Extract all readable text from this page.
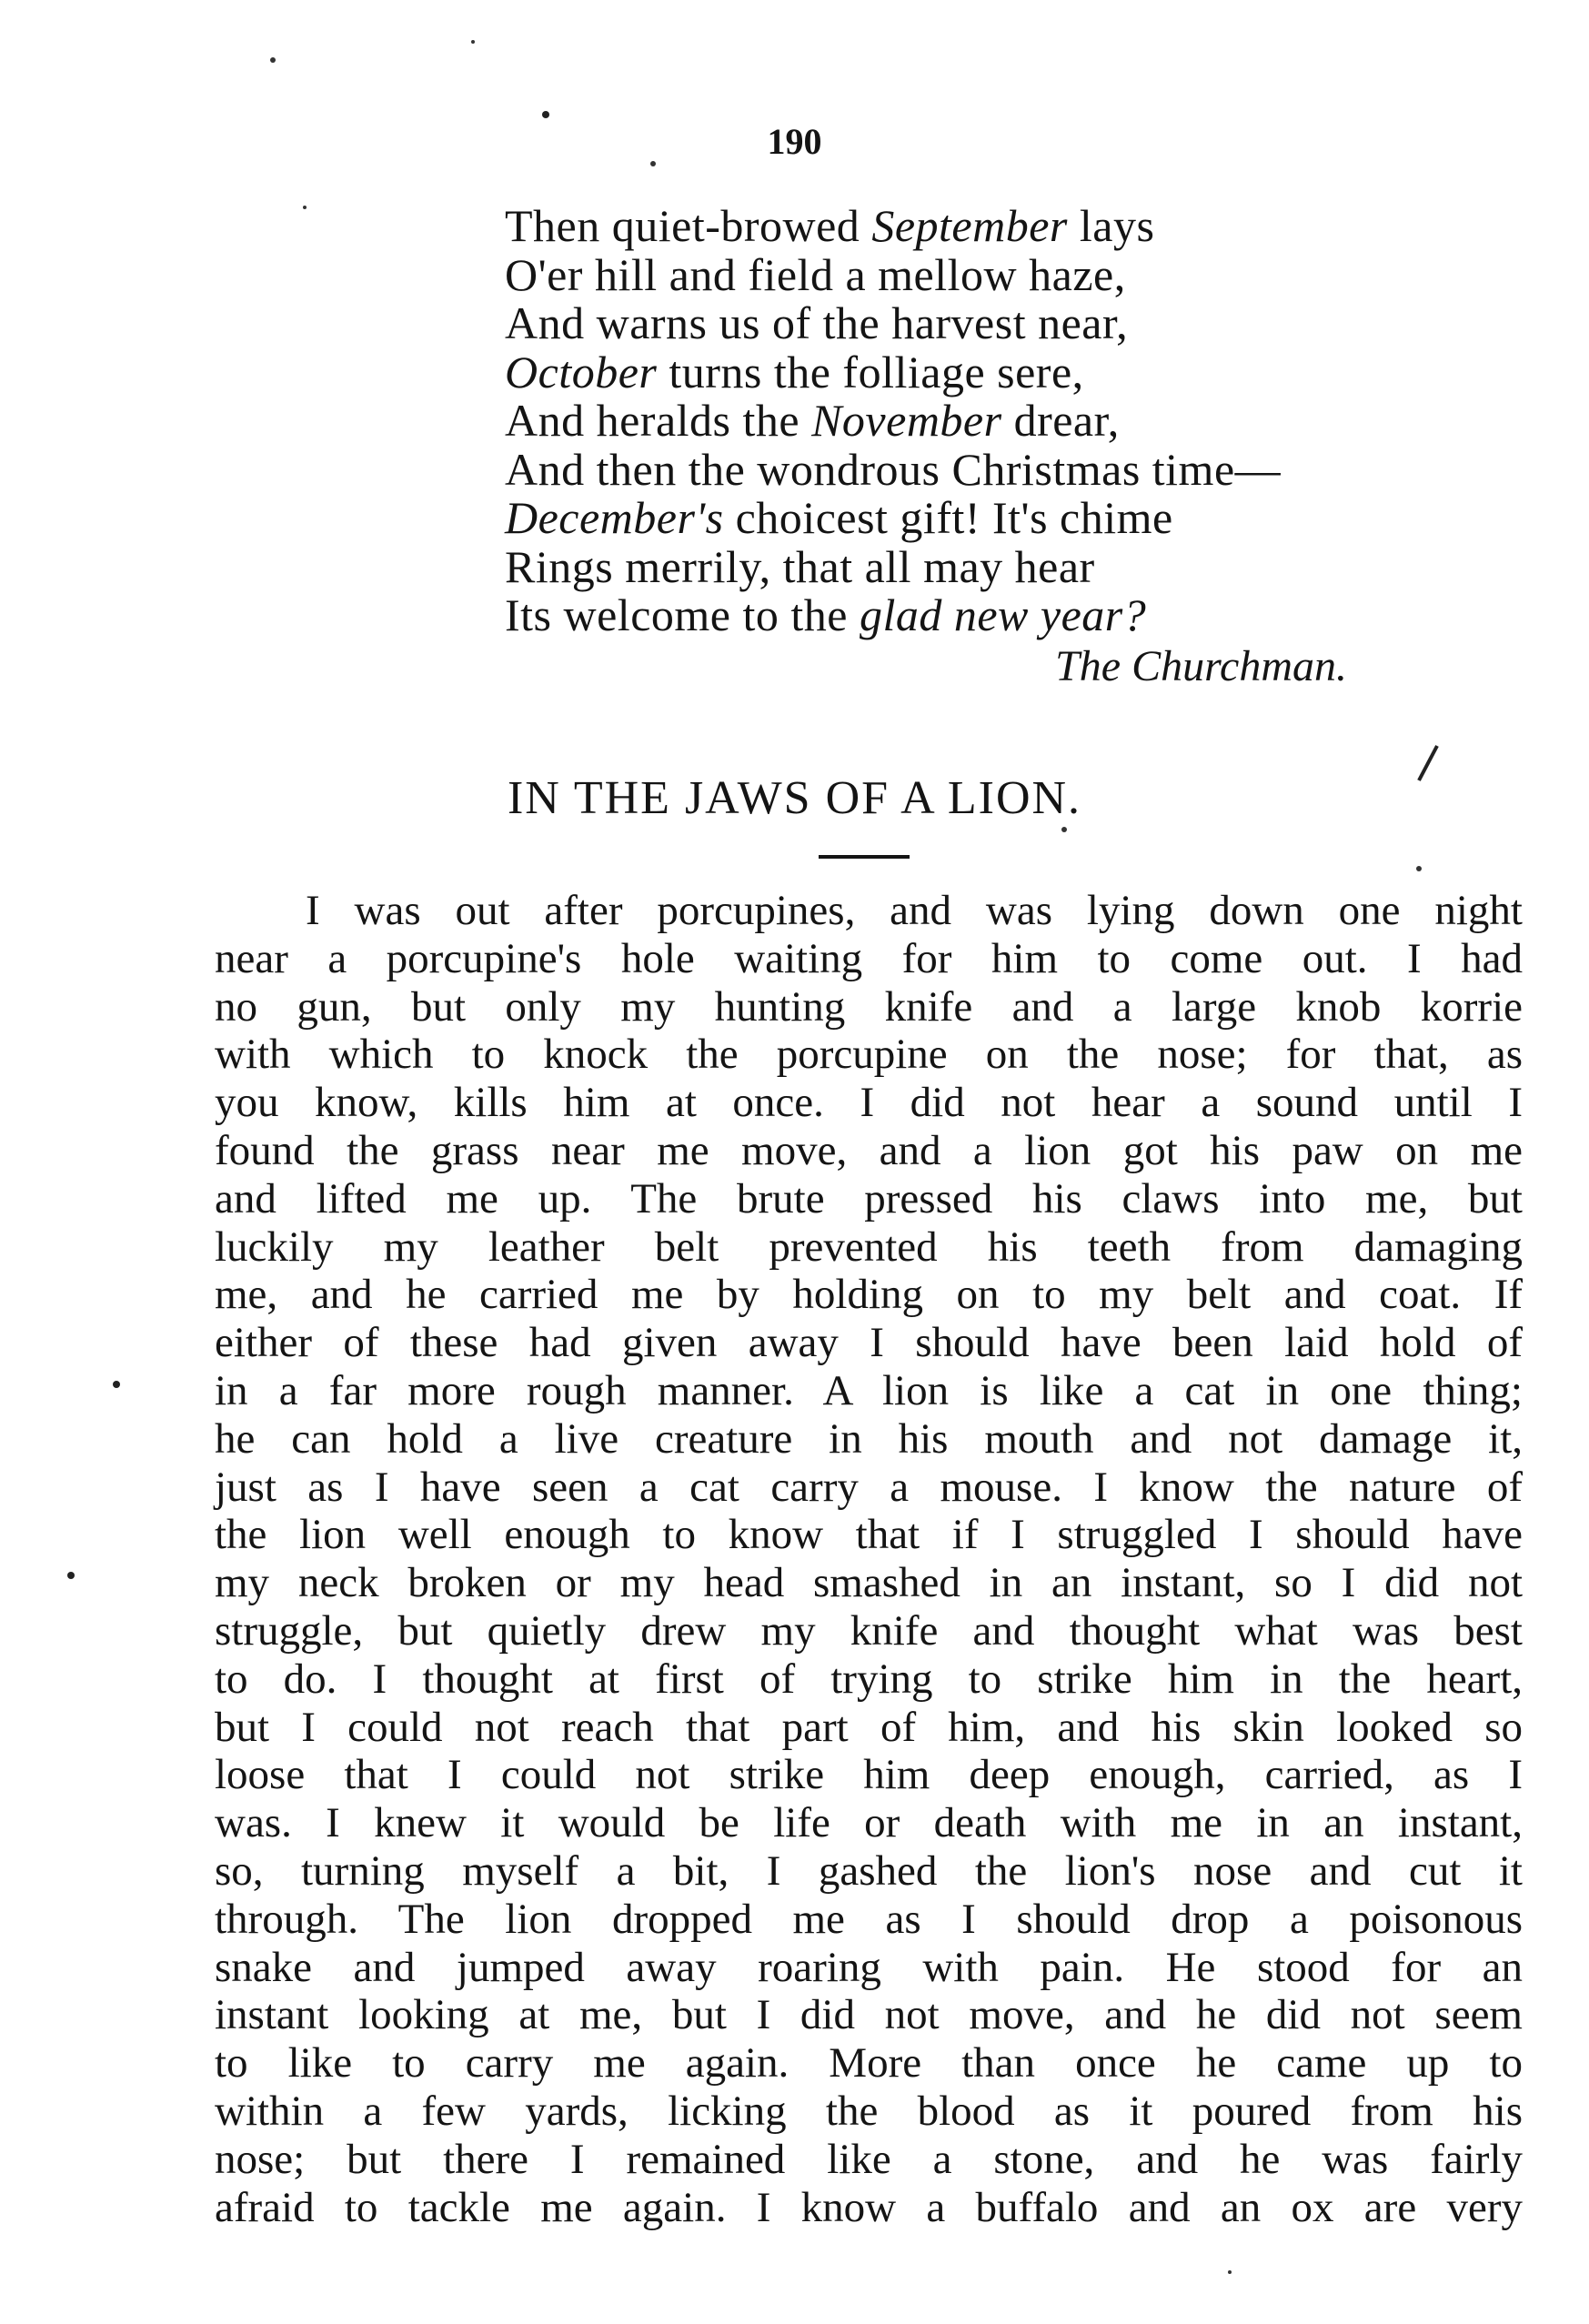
190
Then quiet-browed September lays
O'er hill and field a mellow haze,
And warns us of the harvest near,
October turns the folliage sere,
And heralds the November drear,
And then the wondrous Christmas time—
December's choicest gift! It's chime
Rings merrily, that all may hear
Its welcome to the glad new year?
The Churchman.
IN THE JAWS OF A LION.
I was out after porcupines, and was lying down one night
near a porcupine's hole waiting for him to come out. I had
no gun, but only my hunting knife and a large knob korrie
with which to knock the porcupine on the nose; for that, as
you know, kills him at once. I did not hear a sound until I
found the grass near me move, and a lion got his paw on me
and lifted me up. The brute pressed his claws into me, but
luckily my leather belt prevented his teeth from damaging
me, and he carried me by holding on to my belt and coat. If
either of these had given away I should have been laid hold of
in a far more rough manner. A lion is like a cat in one thing;
he can hold a live creature in his mouth and not damage it,
just as I have seen a cat carry a mouse. I know the nature of
the lion well enough to know that if I struggled I should have
my neck broken or my head smashed in an instant, so I did not
struggle, but quietly drew my knife and thought what was best
to do. I thought at first of trying to strike him in the heart,
but I could not reach that part of him, and his skin looked so
loose that I could not strike him deep enough, carried, as I
was. I knew it would be life or death with me in an instant,
so, turning myself a bit, I gashed the lion's nose and cut it
through. The lion dropped me as I should drop a poisonous
snake and jumped away roaring with pain. He stood for an
instant looking at me, but I did not move, and he did not seem
to like to carry me again. More than once he came up to
within a few yards, licking the blood as it poured from his
nose; but there I remained like a stone, and he was fairly
afraid to tackle me again. I know a buffalo and an ox are very
